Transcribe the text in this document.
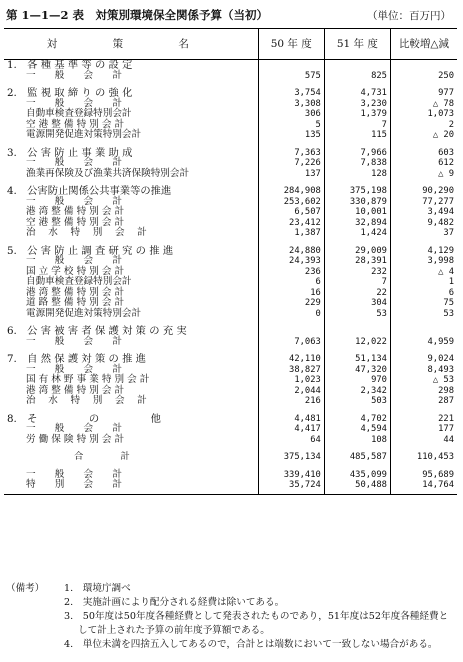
第 1—1—2 表　対策別環境保全関係予算（当初）	（単位：百万円）
対 策 名	50 年 度	51 年 度	比較増△減
1.　各 種 基 準 等 の 設 定			
一　　般　　会　　計	575	825	250

2.　監 視 取 締 り の 強 化	3,754	4,731	977
一　　般　　会　　計	3,308	3,230	△ 78
自動車検査登録特別会計	306	1,379	1,073
空 港 整 備 特 別 会 計	5	7	2
電源開発促進対策特別会計	135	115	△ 20

3.　公 害 防 止 事 業 助 成	7,363	7,966	603
一　　般　　会　　計	7,226	7,838	612
漁業再保険及び漁業共済保険特別会計	137	128	△ 9

4.　公害防止関係公共事業等の推進	284,908	375,198	90,290
一　　般　　会　　計	253,602	330,879	77,277
港 湾 整 備 特 別 会 計	6,507	10,001	3,494
空 港 整 備 特 別 会 計	23,412	32,894	9,482
治　 水 　特 　別 　会 　計	1,387	1,424	37

5.　公 害 防 止 調 査 研 究 の 推 進	24,880	29,009	4,129
一　　般　　会　　計	24,393	28,391	3,998
国 立 学 校 特 別 会 計	236	232	△ 4
自動車検査登録特別会計	6	7	1
港 湾 整 備 特 別 会 計	16	22	6
道 路 整 備 特 別 会 計	229	304	75
電源開発促進対策特別会計	0	53	53

6.　公 害 被 害 者 保 護 対 策 の 充 実			
一　　般　　会　　計	7,063	12,022	4,959

7.　自 然 保 護 対 策 の 推 進	42,110	51,134	9,024
一　　般　　会　　計	38,827	47,320	8,493
国 有 林 野 事 業 特 別 会 計	1,023	970	△ 53
港 湾 整 備 特 別 会 計	2,044	2,342	298
治　 水 　特 　別 　会 　計	216	503	287

8.　そ　　　　　の　　　　　他	4,481	4,702	221
一　　般　　会　　計	4,417	4,594	177
労 働 保 険 特 別 会 計	64	108	44

合　　　　計	375,134	485,587	110,453

一　　般　　会　　計	339,410	435,099	95,689
特　　別　　会　　計	35,724	50,488	14,764
（備考） 1.　環境庁調べ
2.　実施計画により配分される経費は除いてある。
3.　50年度は50年度各種経費として発表されたものであり，51年度は52年度各種経費として計上された予算の前年度予算額である。
4.　単位未満を四捨五入してあるので，合計とは端数において一致しない場合がある。
